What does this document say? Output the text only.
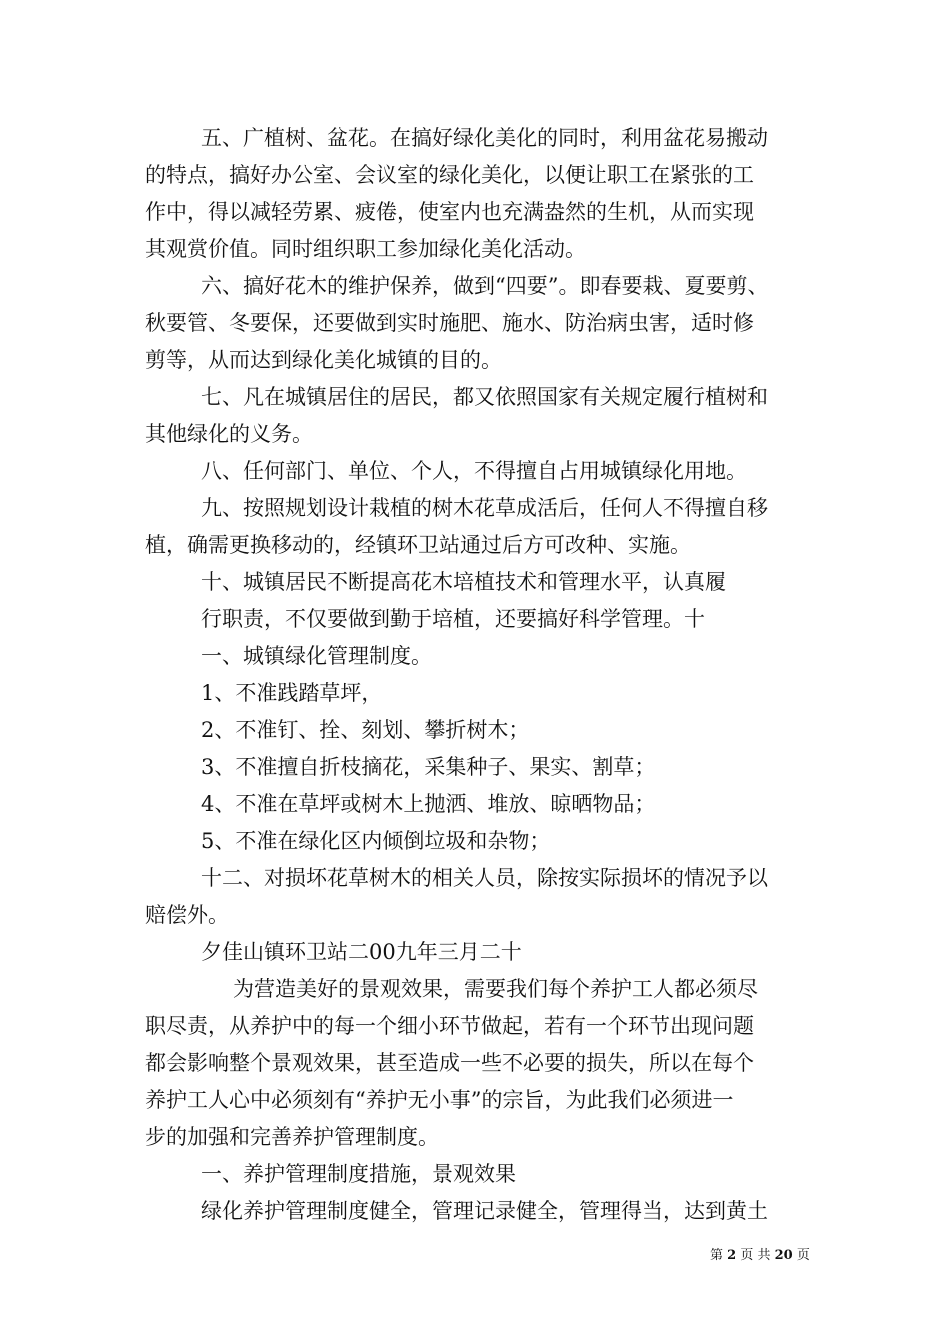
五、广植树、盆花。在搞好绿化美化的同时，利用盆花易搬动
的特点，搞好办公室、会议室的绿化美化，以便让职工在紧张的工
作中，得以减轻劳累、疲倦，使室内也充满盎然的生机，从而实现
其观赏价值。同时组织职工参加绿化美化活动。
六、搞好花木的维护保养，做到“四要”。即春要栽、夏要剪、
秋要管、冬要保，还要做到实时施肥、施水、防治病虫害，适时修
剪等，从而达到绿化美化城镇的目的。
七、凡在城镇居住的居民，都又依照国家有关规定履行植树和
其他绿化的义务。
八、任何部门、单位、个人，不得擅自占用城镇绿化用地。
九、按照规划设计栽植的树木花草成活后，任何人不得擅自移
植，确需更换移动的，经镇环卫站通过后方可改种、实施。
十、城镇居民不断提高花木培植技术和管理水平，认真履
行职责，不仅要做到勤于培植，还要搞好科学管理。十
一、城镇绿化管理制度。
1、不准践踏草坪，
2、不准钉、拴、刻划、攀折树木；
3、不准擅自折枝摘花，采集种子、果实、割草；
4、不准在草坪或树木上抛洒、堆放、晾晒物品；
5、不准在绿化区内倾倒垃圾和杂物；
十二、对损坏花草树木的相关人员，除按实际损坏的情况予以
赔偿外。
夕佳山镇环卫站二00九年三月二十
为营造美好的景观效果，需要我们每个养护工人都必须尽
职尽责，从养护中的每一个细小环节做起，若有一个环节出现问题
都会影响整个景观效果，甚至造成一些不必要的损失，所以在每个
养护工人心中必须刻有“养护无小事”的宗旨，为此我们必须进一
步的加强和完善养护管理制度。
一、养护管理制度措施，景观效果
绿化养护管理制度健全，管理记录健全，管理得当，达到黄土
第 2 页 共 20 页
